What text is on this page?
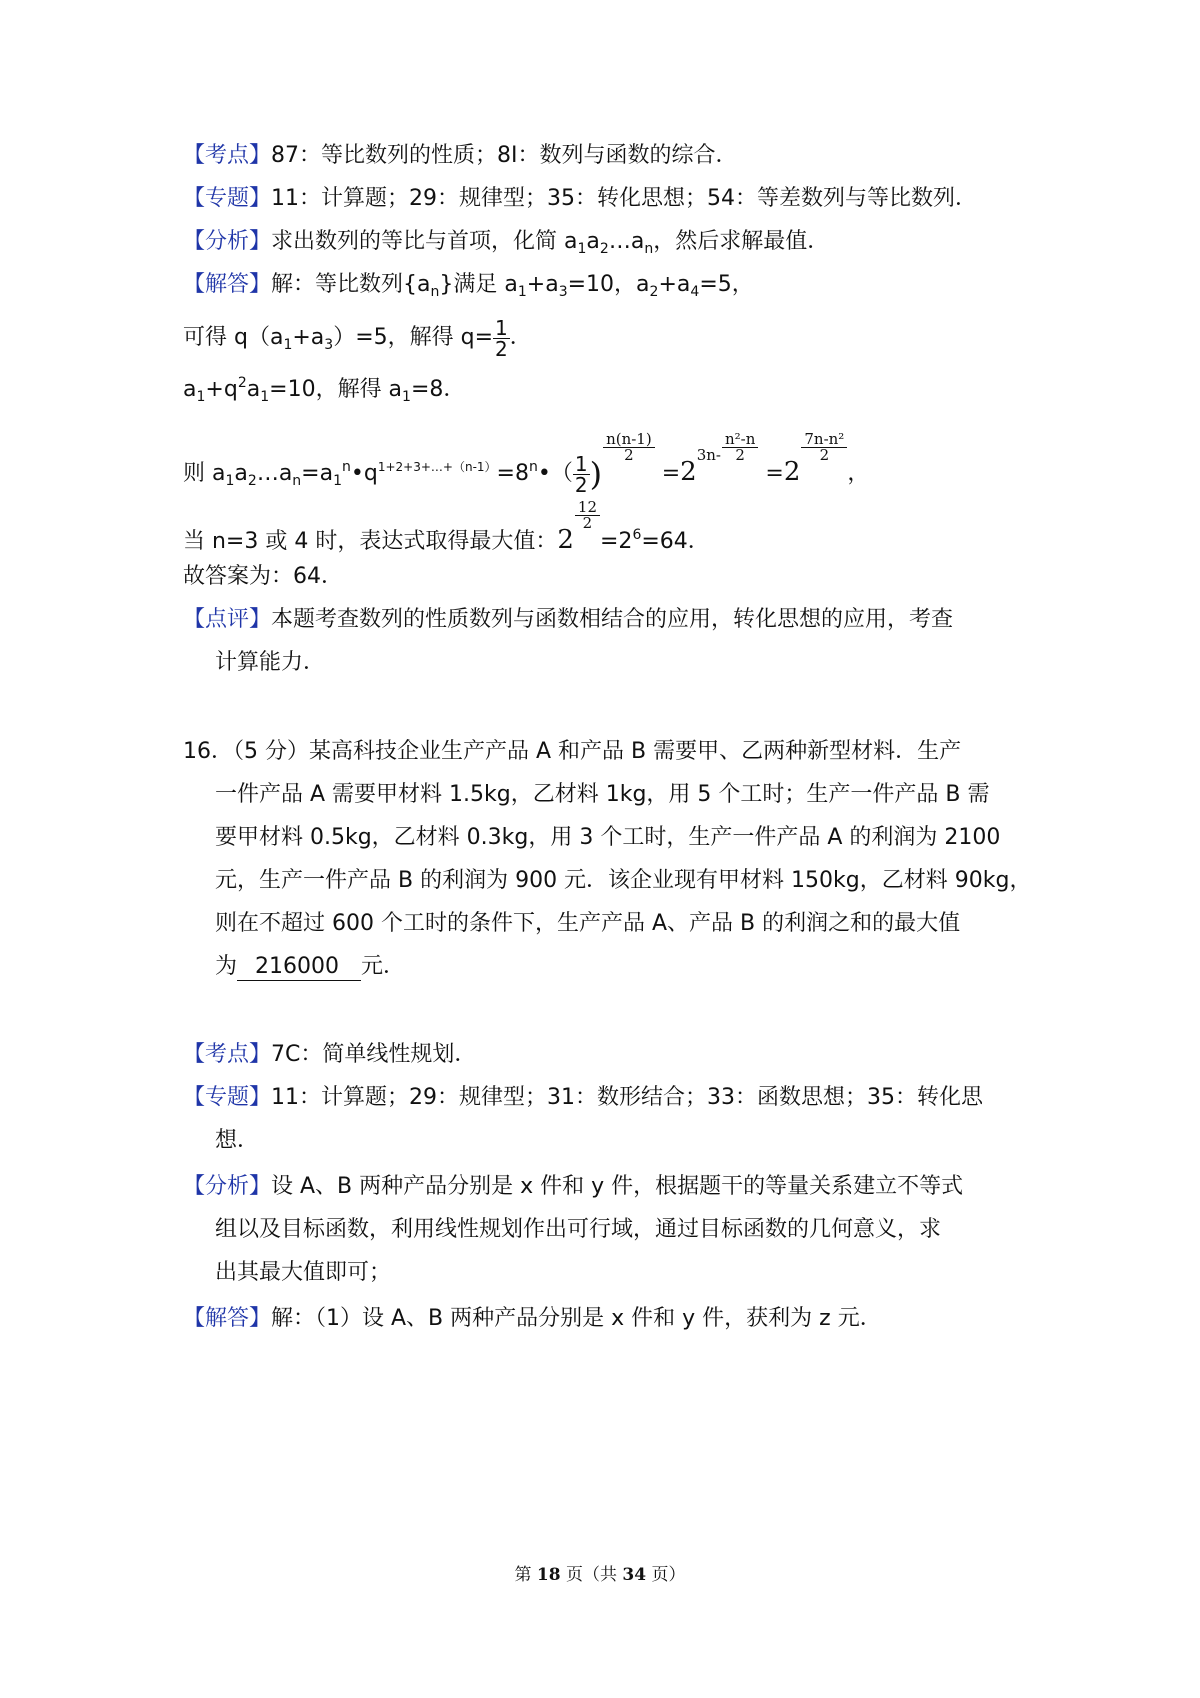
【考点】87：等比数列的性质；8I：数列与函数的综合．
【专题】11：计算题；29：规律型；35：转化思想；54：等差数列与等比数列．
【分析】求出数列的等比与首项，化简 $a_1a_2\dots a_n$，然后求解最值．
【解答】解：等比数列$\{a_n\}$满足 $a_1+a_3=10$，$a_2+a_4=5$，
可得 $q(a_1+a_3)=5$，解得 $q= \frac{1}{2}$ ．
$a_1+q^2a_1=10$，解得 $a_1=8$．
则 $a_1a_2\dots a_n=a_1^n•q^{1+2+3+\dots+(n-1)}=8^n•( \frac{1}{2}$ )
$\frac{n(n-1)}{2}$
$=2^{3n-} \frac{\text{n²-n}}{2}$
=2
$\frac{\text{7n-n²}}{2}$
，
当 n=3 或 4 时，表达式取得最大值：2
$\frac{12}{2}$
$=2^6=64$．
故答案为：64．
【点评】本题考查数列的性质数列与函数相结合的应用，转化思想的应用，考查
计算能力．
16．（5 分）某高科技企业生产产品 A 和产品 B 需要甲、乙两种新型材料．生产
一件产品 A 需要甲材料 1.5kg，乙材料 1kg，用 5 个工时；生产一件产品 B 需
要甲材料 0.5kg，乙材料 0.3kg，用 3 个工时，生产一件产品 A 的利润为 2100
元，生产一件产品 B 的利润为 900 元．该企业现有甲材料 150kg，乙材料 90kg，
则在不超过 600 个工时的条件下，生产产品 A、产品 B 的利润之和的最大值
为 216000 元．
【考点】7C：简单线性规划．
【专题】11：计算题；29：规律型；31：数形结合；33：函数思想；35：转化思
想．
【分析】设 A、B 两种产品分别是 x 件和 y 件，根据题干的等量关系建立不等式
组以及目标函数，利用线性规划作出可行域，通过目标函数的几何意义，求
出其最大值即可；
【解答】解：（1）设 A、B 两种产品分别是 x 件和 y 件，获利为 z 元．
第 18 页（共 34 页）
